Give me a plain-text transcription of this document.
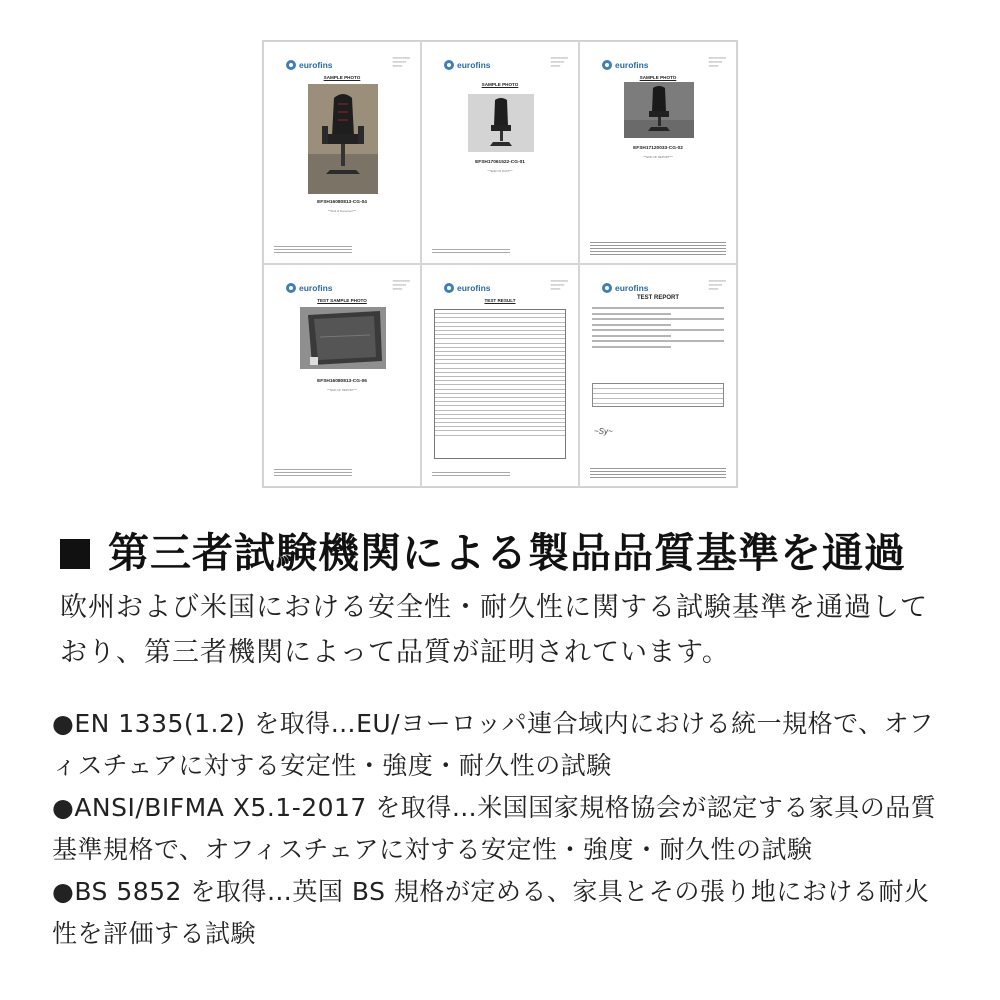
eurofins
━━━━━━━━━
━━━━━━━
━━━━━
SAMPLE PHOTO
EFSH16080813-CG-04
***End of Document***
eurofins
━━━━━━━━━
━━━━━━━
━━━━━
SAMPLE PHOTO
EFSH17061522-CG-01
***END OF DATA***
eurofins
━━━━━━━━━
━━━━━━━
━━━━━
SAMPLE PHOTO
EFSH17120033-CG-02
***END OF REPORT***
eurofins
━━━━━━━━━
━━━━━━━
━━━━━
TEST SAMPLE PHOTO
EFSH16080813-CG-06
***END OF REPORT***
eurofins
━━━━━━━━━
━━━━━━━
━━━━━
TEST RESULT
eurofins
━━━━━━━━━
━━━━━━━
━━━━━
TEST REPORT
~Sy~
第三者試験機関による製品品質基準を通過
欧州および米国における安全性・耐久性に関する試験基準を通過しており、第三者機関によって品質が証明されています。
●EN 1335(1.2) を取得…EU/ヨーロッパ連合域内における統一規格で、オフィスチェアに対する安定性・強度・耐久性の試験
●ANSI/BIFMA X5.1-2017 を取得…米国国家規格協会が認定する家具の品質基準規格で、オフィスチェアに対する安定性・強度・耐久性の試験
●BS 5852 を取得…英国 BS 規格が定める、家具とその張り地における耐火性を評価する試験
